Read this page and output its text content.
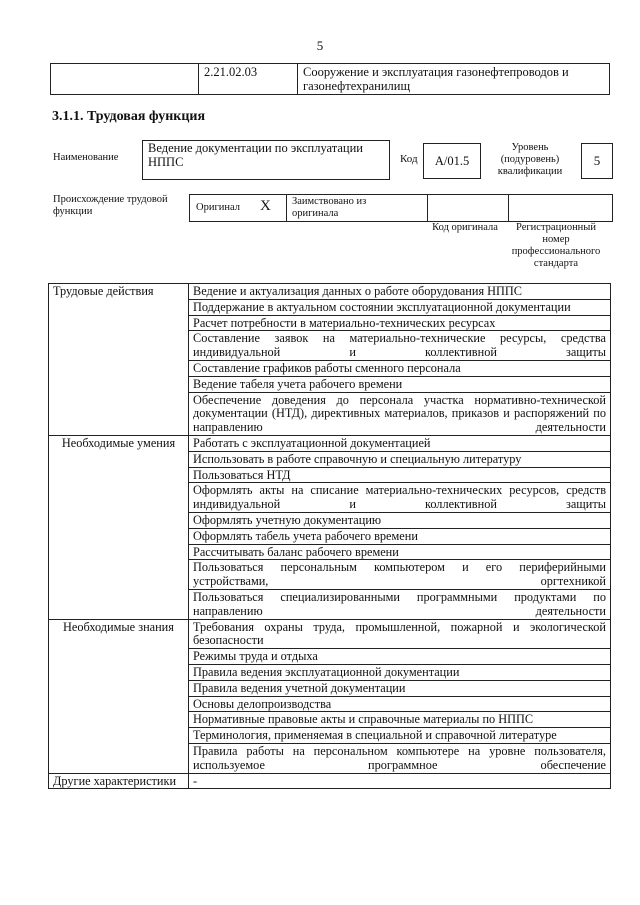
5
	2.21.02.03	Сооружение и эксплуатация газонефтепроводов и газонефтехранилищ
3.1.1. Трудовая функция
Наименование
Ведение документации по эксплуатации НППС	Код	А/01.5
Уровень (подуровень) квалификации
5
Происхождение трудовой функции	Оригинал X Заимствовано из оригинала
Код оригинала	Регистрационный номер профессионального стандарта
Трудовые действия	Ведение и актуализация данных о работе оборудования НППС
	Поддержание в актуальном состоянии эксплуатационной документации
	Расчет потребности в материально-технических ресурсах
	Составление заявок на материально-технические ресурсы, средства индивидуальной и коллективной защиты
	Составление графиков работы сменного персонала
	Ведение табеля учета рабочего времени
	Обеспечение доведения до персонала участка нормативно-технической документации (НТД), директивных материалов, приказов и распоряжений по направлению деятельности
Необходимые умения	Работать с эксплуатационной документацией
	Использовать в работе справочную и специальную литературу
	Пользоваться НТД
	Оформлять акты на списание материально-технических ресурсов, средств индивидуальной и коллективной защиты
	Оформлять учетную документацию
	Оформлять табель учета рабочего времени
	Рассчитывать баланс рабочего времени
	Пользоваться персональным компьютером и его периферийными устройствами, оргтехникой
	Пользоваться специализированными программными продуктами по направлению деятельности
Необходимые знания	Требования охраны труда, промышленной, пожарной и экологической безопасности
	Режимы труда и отдыха
	Правила ведения эксплуатационной документации
	Правила ведения учетной документации
	Основы делопроизводства
	Нормативные правовые акты и справочные материалы по НППС
	Терминология, применяемая в специальной и справочной литературе
	Правила работы на персональном компьютере на уровне пользователя, используемое программное обеспечение
Другие характеристики	-
